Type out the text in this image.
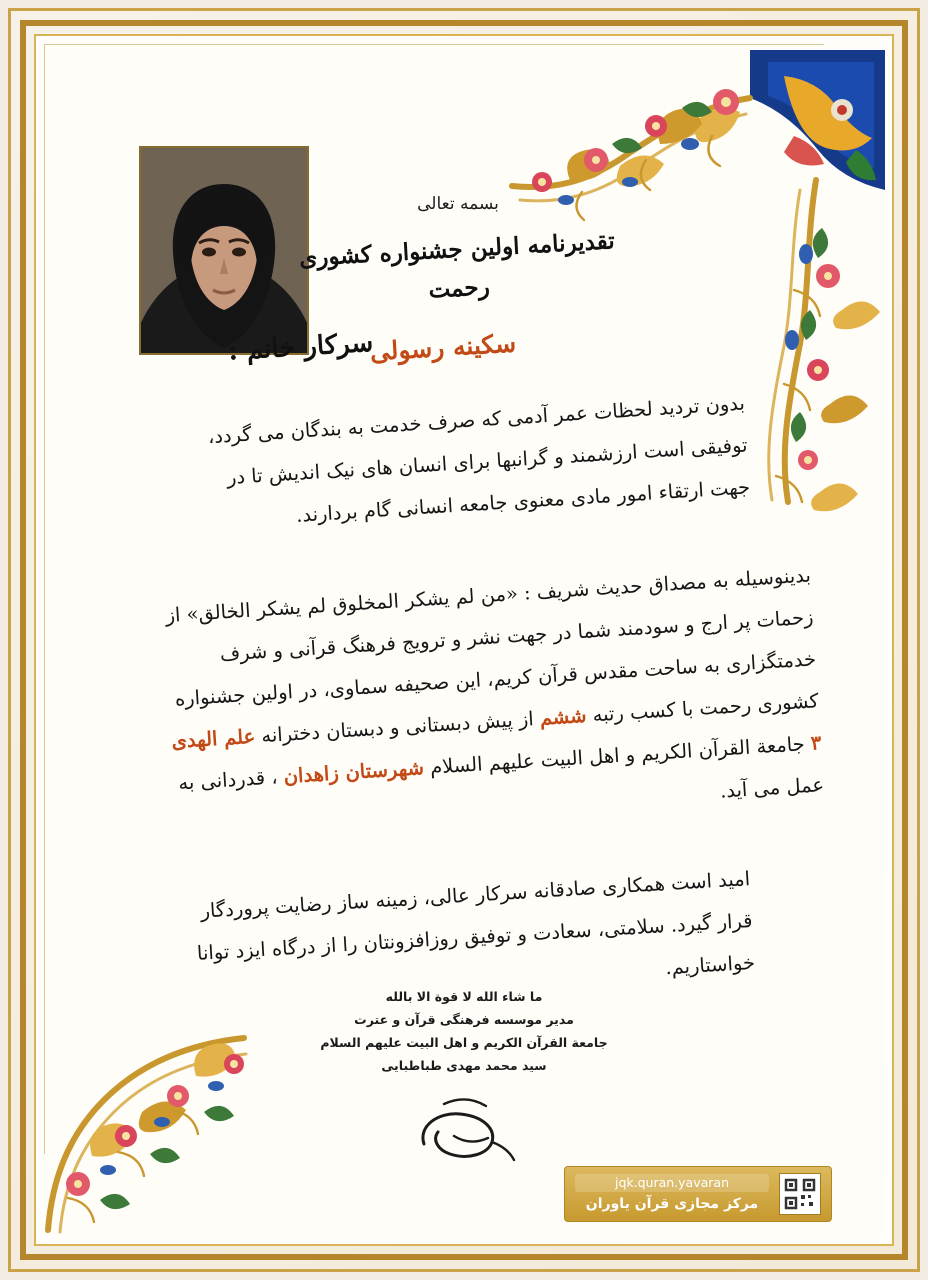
بسمه تعالی
تقدیرنامه اولین جشنواره کشوری رحمت
سرکار خانم :
سکینه رسولی
بدون تردید لحظات عمر آدمی که صرف خدمت به بندگان می گردد، توفیقی است ارزشمند و گرانبها برای انسان های نیک اندیش تا در جهت ارتقاء امور مادی معنوی جامعه انسانی گام بردارند.
بدینوسیله به مصداق حدیث شریف : «من لم یشکر المخلوق لم یشکر الخالق» از زحمات پر ارج و سودمند شما در جهت نشر و ترویج فرهنگ قرآنی و شرف خدمتگزاری به ساحت مقدس قرآن کریم، این صحیفه سماوی، در اولین جشنواره کشوری رحمت با کسب رتبه ششم از پیش دبستانی و دبستان دخترانه علم الهدی ۳ جامعة القرآن الکریم و اهل البیت علیهم السلام شهرستان زاهدان ، قدردانی به عمل می آید.
امید است همکاری صادقانه سرکار عالی، زمینه ساز رضایت پروردگار قرار گیرد. سلامتی، سعادت و توفیق روزافزونتان را از درگاه ایزد توانا خواستاریم.
ما شاء الله لا قوة الا بالله
مدیر موسسه فرهنگی قرآن و عترت
جامعة القرآن الکریم و اهل البیت علیهم السلام
سید محمد مهدی طباطبایی
jqk.quran.yavaran
مرکز مجازی قرآن یاوران
